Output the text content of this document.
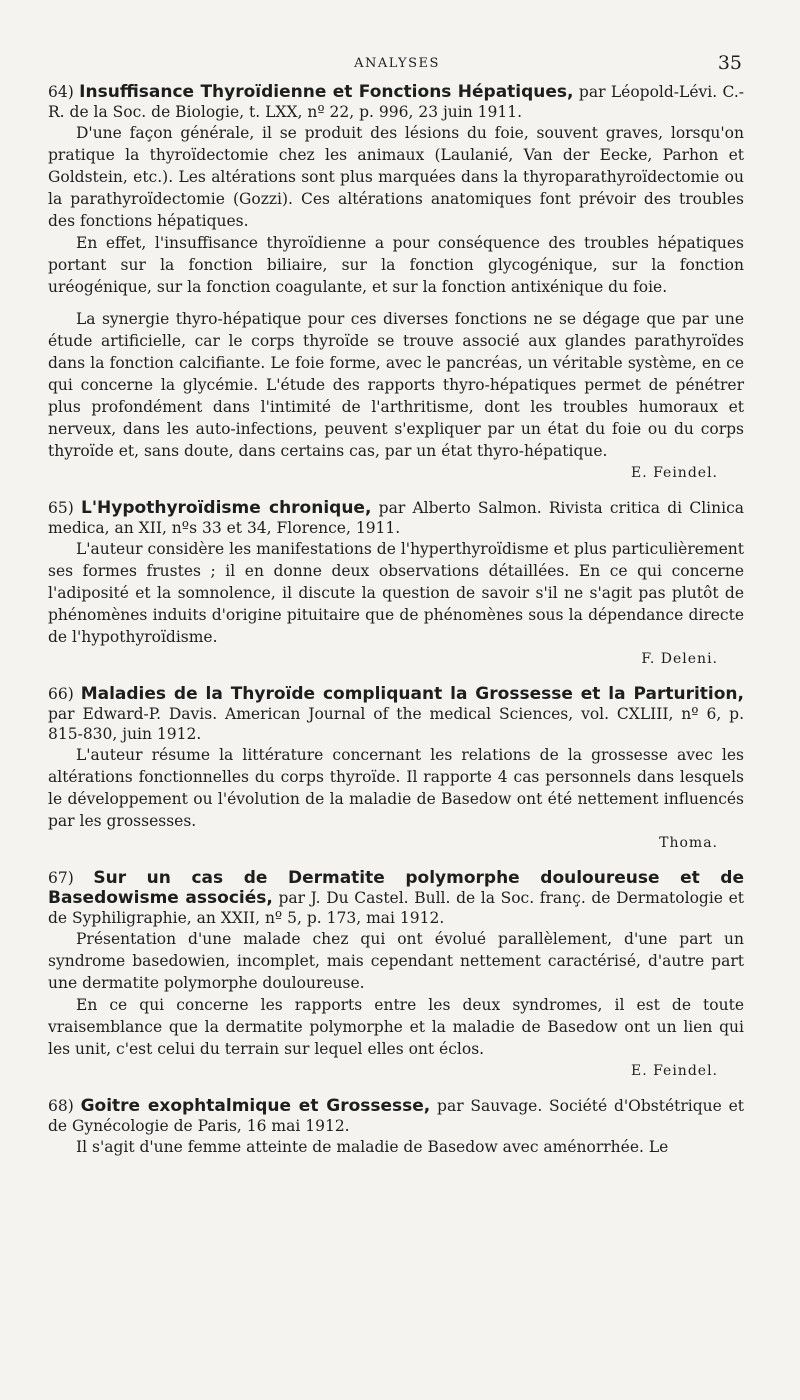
ANALYSES	35

64) Insuffisance Thyroïdienne et Fonctions Hépatiques, par Léopold-Lévi. C.-R. de la Soc. de Biologie, t. LXX, nº 22, p. 996, 23 juin 1911.

D'une façon générale, il se produit des lésions du foie, souvent graves, lorsqu'on pratique la thyroïdectomie chez les animaux (Laulanié, Van der Eecke, Parhon et Goldstein, etc.). Les altérations sont plus marquées dans la thyroparathyroïdectomie ou la parathyroïdectomie (Gozzi). Ces altérations anatomiques font prévoir des troubles des fonctions hépatiques.

En effet, l'insuffisance thyroïdienne a pour conséquence des troubles hépatiques portant sur la fonction biliaire, sur la fonction glycogénique, sur la fonction uréogénique, sur la fonction coagulante, et sur la fonction antixénique du foie.

La synergie thyro-hépatique pour ces diverses fonctions ne se dégage que par une étude artificielle, car le corps thyroïde se trouve associé aux glandes parathyroïdes dans la fonction calcifiante. Le foie forme, avec le pancréas, un véritable système, en ce qui concerne la glycémie. L'étude des rapports thyro-hépatiques permet de pénétrer plus profondément dans l'intimité de l'arthritisme, dont les troubles humoraux et nerveux, dans les auto-infections, peuvent s'expliquer par un état du foie ou du corps thyroïde et, sans doute, dans certains cas, par un état thyro-hépatique.

E. Feindel.

65) L'Hypothyroïdisme chronique, par Alberto Salmon. Rivista critica di Clinica medica, an XII, nºs 33 et 34, Florence, 1911.

L'auteur considère les manifestations de l'hyperthyroïdisme et plus particulièrement ses formes frustes ; il en donne deux observations détaillées. En ce qui concerne l'adiposité et la somnolence, il discute la question de savoir s'il ne s'agit pas plutôt de phénomènes induits d'origine pituitaire que de phénomènes sous la dépendance directe de l'hypothyroïdisme.

F. Deleni.

66) Maladies de la Thyroïde compliquant la Grossesse et la Parturition, par Edward-P. Davis. American Journal of the medical Sciences, vol. CXLIII, nº 6, p. 815-830, juin 1912.

L'auteur résume la littérature concernant les relations de la grossesse avec les altérations fonctionnelles du corps thyroïde. Il rapporte 4 cas personnels dans lesquels le développement ou l'évolution de la maladie de Basedow ont été nettement influencés par les grossesses.

Thoma.

67) Sur un cas de Dermatite polymorphe douloureuse et de Basedowisme associés, par J. Du Castel. Bull. de la Soc. franç. de Dermatologie et de Syphiligraphie, an XXII, nº 5, p. 173, mai 1912.

Présentation d'une malade chez qui ont évolué parallèlement, d'une part un syndrome basedowien, incomplet, mais cependant nettement caractérisé, d'autre part une dermatite polymorphe douloureuse.

En ce qui concerne les rapports entre les deux syndromes, il est de toute vraisemblance que la dermatite polymorphe et la maladie de Basedow ont un lien qui les unit, c'est celui du terrain sur lequel elles ont éclos.

E. Feindel.

68) Goitre exophtalmique et Grossesse, par Sauvage. Société d'Obstétrique et de Gynécologie de Paris, 16 mai 1912.

Il s'agit d'une femme atteinte de maladie de Basedow avec aménorrhée. Le
